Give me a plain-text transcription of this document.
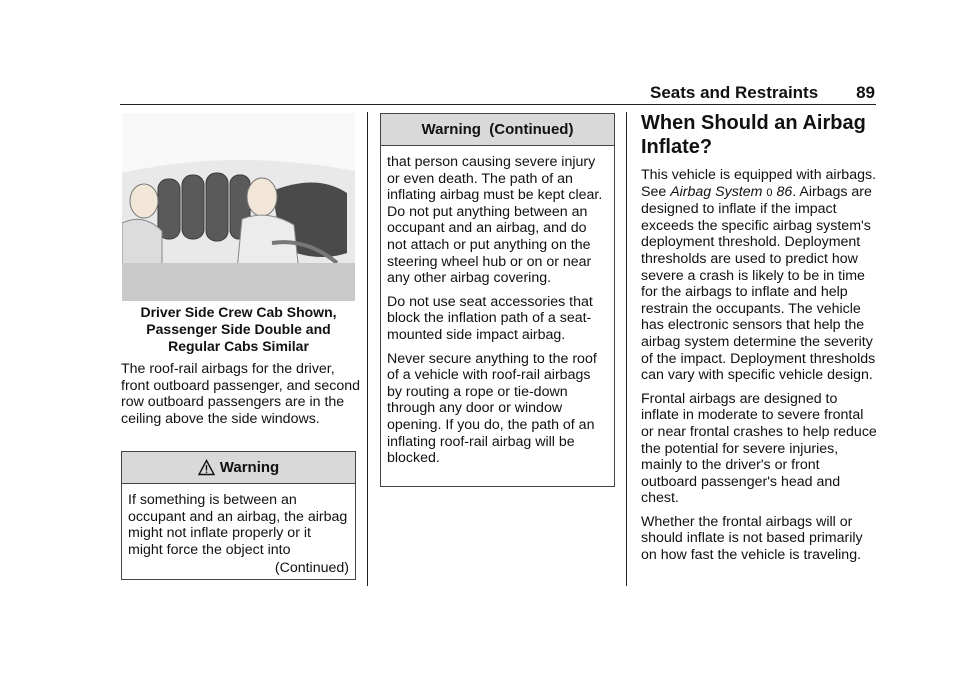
Seats and Restraints 89
Driver Side Crew Cab Shown,
Passenger Side Double and
Regular Cabs Similar

The roof-rail airbags for the driver, front outboard passenger, and second row outboard passengers are in the ceiling above the side windows.

Warning
If something is between an occupant and an airbag, the airbag might not inflate properly or it might force the object into
(Continued)
Warning  (Continued)

that person causing severe injury or even death. The path of an inflating airbag must be kept clear. Do not put anything between an occupant and an airbag, and do not attach or put anything on the steering wheel hub or on or near any other airbag covering.

Do not use seat accessories that block the inflation path of a seat-mounted side impact airbag.

Never secure anything to the roof of a vehicle with roof-rail airbags by routing a rope or tie-down through any door or window opening. If you do, the path of an inflating roof-rail airbag will be blocked.

When Should an Airbag Inflate?

This vehicle is equipped with airbags. See Airbag System 0 86. Airbags are designed to inflate if the impact exceeds the specific airbag system's deployment threshold. Deployment thresholds are used to predict how severe a crash is likely to be in time for the airbags to inflate and help restrain the occupants. The vehicle has electronic sensors that help the airbag system determine the severity of the impact. Deployment thresholds can vary with specific vehicle design.

Frontal airbags are designed to inflate in moderate to severe frontal or near frontal crashes to help reduce the potential for severe injuries, mainly to the driver's or front outboard passenger's head and chest.

Whether the frontal airbags will or should inflate is not based primarily on how fast the vehicle is traveling.
